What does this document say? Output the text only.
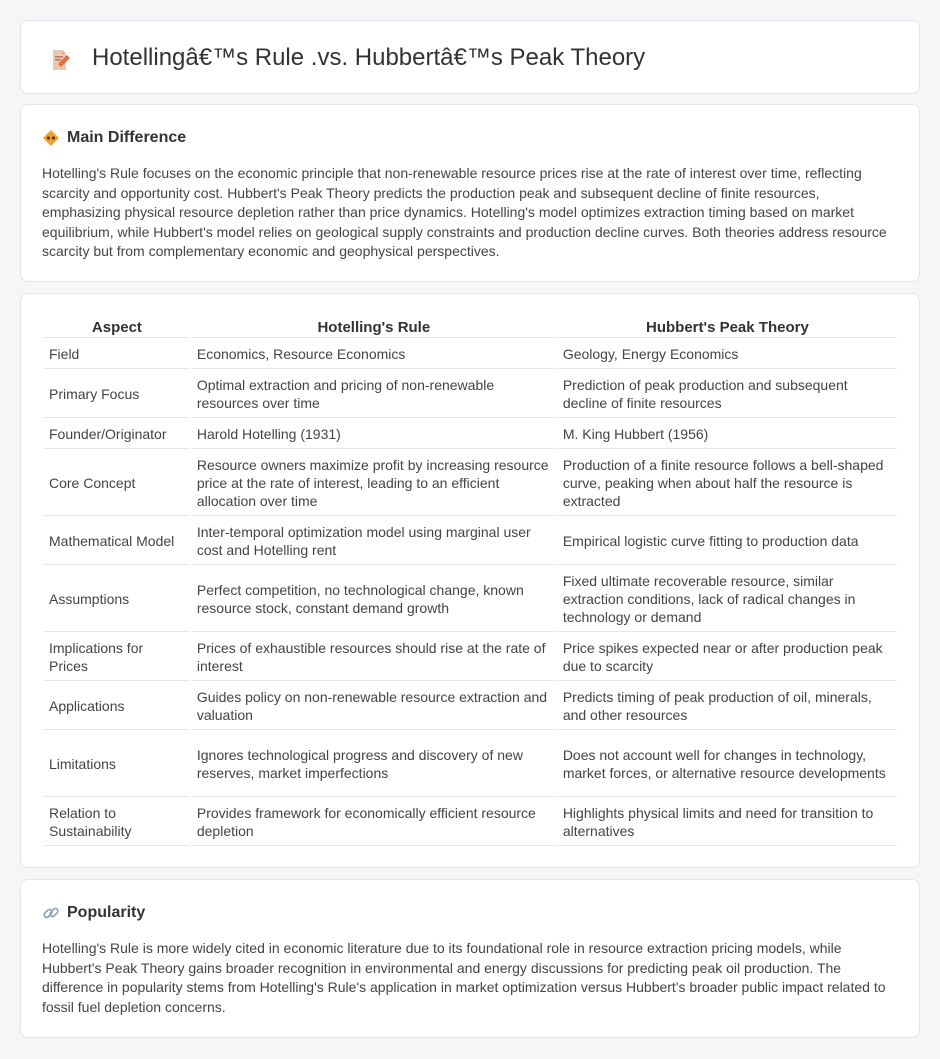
Hotellingâ€™s Rule .vs. Hubbertâ€™s Peak Theory
Main Difference

Hotelling's Rule focuses on the economic principle that non-renewable resource prices rise at the rate of interest over time, reflecting scarcity and opportunity cost. Hubbert's Peak Theory predicts the production peak and subsequent decline of finite resources, emphasizing physical resource depletion rather than price dynamics. Hotelling's model optimizes extraction timing based on market equilibrium, while Hubbert's model relies on geological supply constraints and production decline curves. Both theories address resource scarcity but from complementary economic and geophysical perspectives.

Aspect	Hotelling's Rule	Hubbert's Peak Theory
Field	Economics, Resource Economics	Geology, Energy Economics
Primary Focus	Optimal extraction and pricing of non-renewable resources over time	Prediction of peak production and subsequent decline of finite resources
Founder/Originator	Harold Hotelling (1931)	M. King Hubbert (1956)
Core Concept	Resource owners maximize profit by increasing resource price at the rate of interest, leading to an efficient allocation over time	Production of a finite resource follows a bell-shaped curve, peaking when about half the resource is extracted
Mathematical Model	Inter-temporal optimization model using marginal user cost and Hotelling rent	Empirical logistic curve fitting to production data
Assumptions	Perfect competition, no technological change, known resource stock, constant demand growth	Fixed ultimate recoverable resource, similar extraction conditions, lack of radical changes in technology or demand
Implications for Prices	Prices of exhaustible resources should rise at the rate of interest	Price spikes expected near or after production peak due to scarcity
Applications	Guides policy on non-renewable resource extraction and valuation	Predicts timing of peak production of oil, minerals, and other resources
Limitations	Ignores technological progress and discovery of new reserves, market imperfections	Does not account well for changes in technology, market forces, or alternative resource developments
Relation to Sustainability	Provides framework for economically efficient resource depletion	Highlights physical limits and need for transition to alternatives
Popularity

Hotelling's Rule is more widely cited in economic literature due to its foundational role in resource extraction pricing models, while Hubbert's Peak Theory gains broader recognition in environmental and energy discussions for predicting peak oil production. The difference in popularity stems from Hotelling's Rule's application in market optimization versus Hubbert's broader public impact related to fossil fuel depletion concerns.
